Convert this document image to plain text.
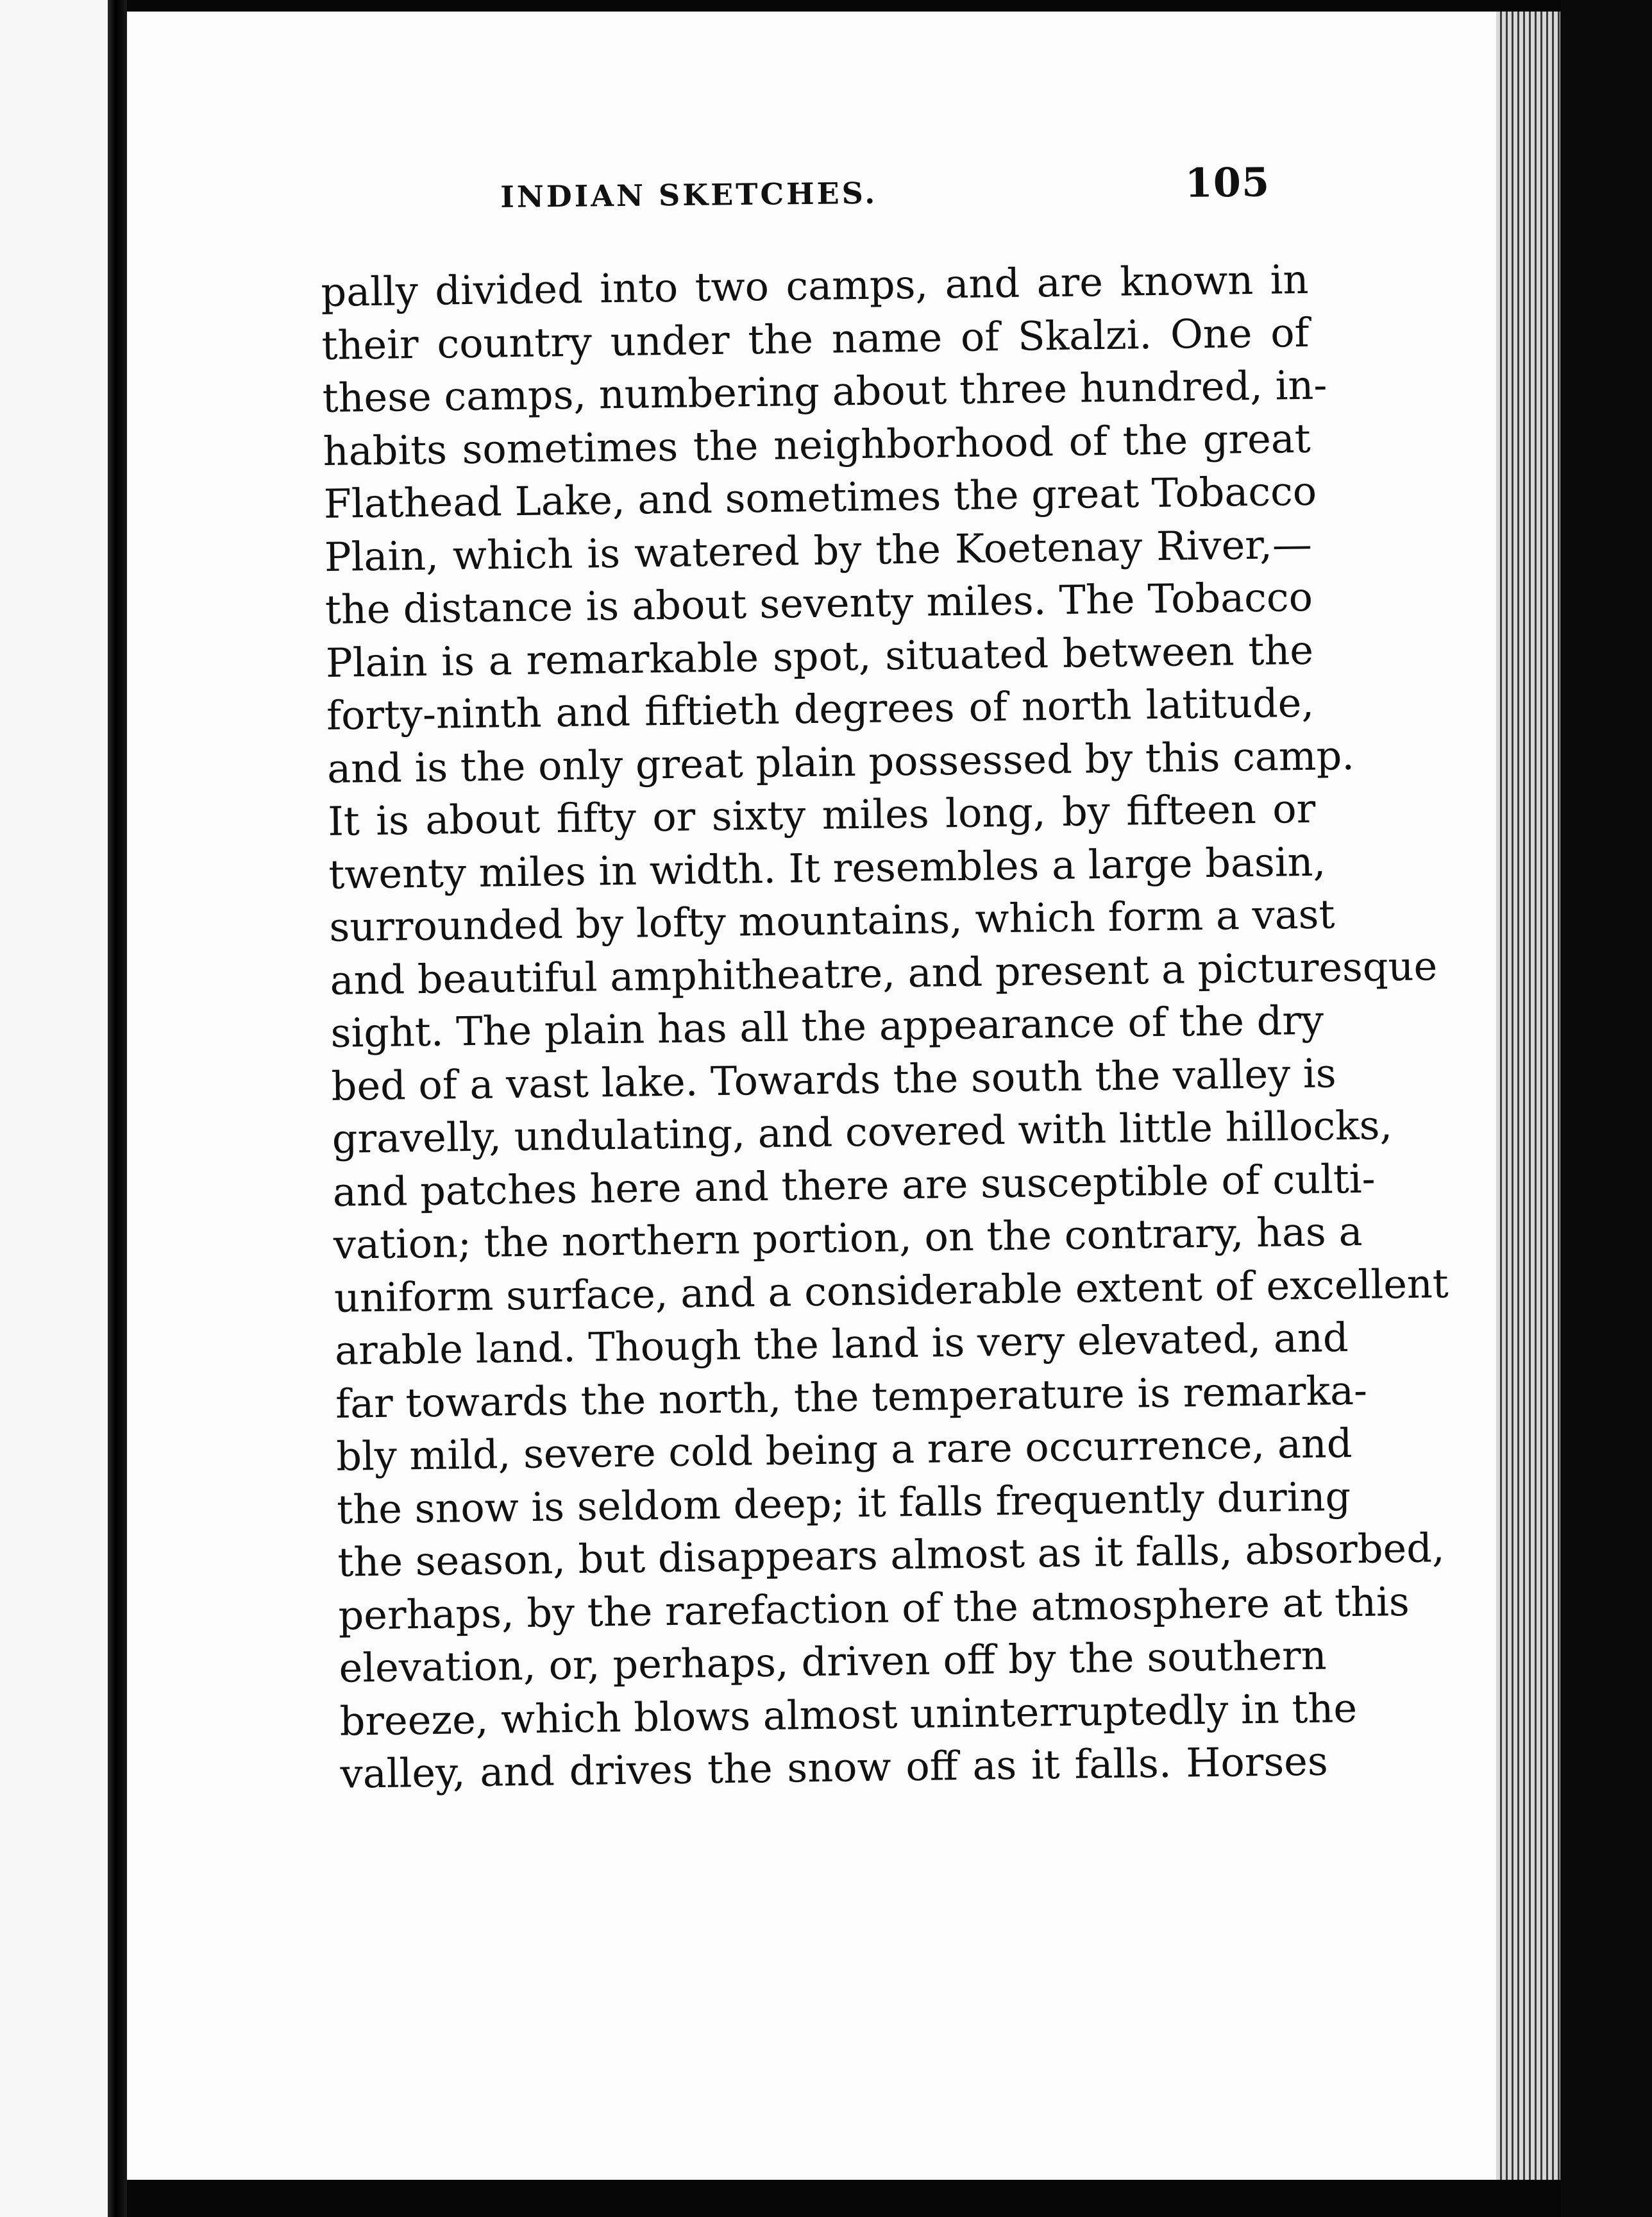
INDIAN SKETCHES.	105
pally divided into two camps, and are known in
their country under the name of Skalzi. One of
these camps, numbering about three hundred, in-
habits sometimes the neighborhood of the great
Flathead Lake, and sometimes the great Tobacco
Plain, which is watered by the Koetenay River,—
the distance is about seventy miles. The Tobacco
Plain is a remarkable spot, situated between the
forty-ninth and fiftieth degrees of north latitude,
and is the only great plain possessed by this camp.
It is about fifty or sixty miles long, by fifteen or
twenty miles in width. It resembles a large basin,
surrounded by lofty mountains, which form a vast
and beautiful amphitheatre, and present a picturesque
sight. The plain has all the appearance of the dry
bed of a vast lake. Towards the south the valley is
gravelly, undulating, and covered with little hillocks,
and patches here and there are susceptible of culti-
vation; the northern portion, on the contrary, has a
uniform surface, and a considerable extent of excellent
arable land. Though the land is very elevated, and
far towards the north, the temperature is remarka-
bly mild, severe cold being a rare occurrence, and
the snow is seldom deep; it falls frequently during
the season, but disappears almost as it falls, absorbed,
perhaps, by the rarefaction of the atmosphere at this
elevation, or, perhaps, driven off by the southern
breeze, which blows almost uninterruptedly in the
valley, and drives the snow off as it falls. Horses
